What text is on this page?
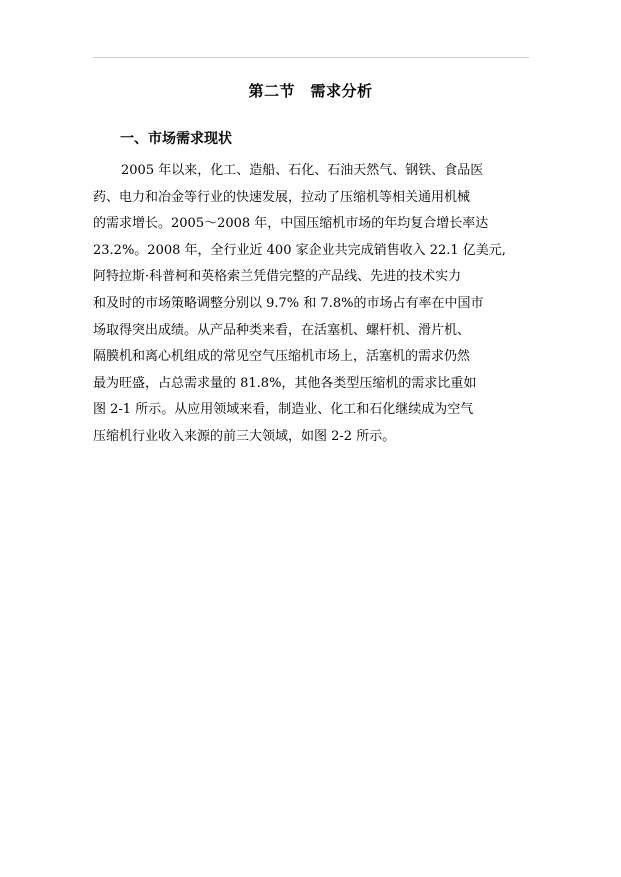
第二节　需求分析
一、市场需求现状
2005 年以来，化工、造船、石化、石油天然气、钢铁、食品医
药、电力和冶金等行业的快速发展，拉动了压缩机等相关通用机械
的需求增长。2005～2008 年，中国压缩机市场的年均复合增长率达
23.2%。2008 年，全行业近 400 家企业共完成销售收入 22.1 亿美元,
阿特拉斯·科普柯和英格索兰凭借完整的产品线、先进的技术实力
和及时的市场策略调整分别以 9.7% 和 7.8%的市场占有率在中国市
场取得突出成绩。从产品种类来看，在活塞机、螺杆机、滑片机、
隔膜机和离心机组成的常见空气压缩机市场上，活塞机的需求仍然
最为旺盛，占总需求量的 81.8%，其他各类型压缩机的需求比重如
图 2-1 所示。从应用领域来看，制造业、化工和石化继续成为空气
压缩机行业收入来源的前三大领域，如图 2-2 所示。
